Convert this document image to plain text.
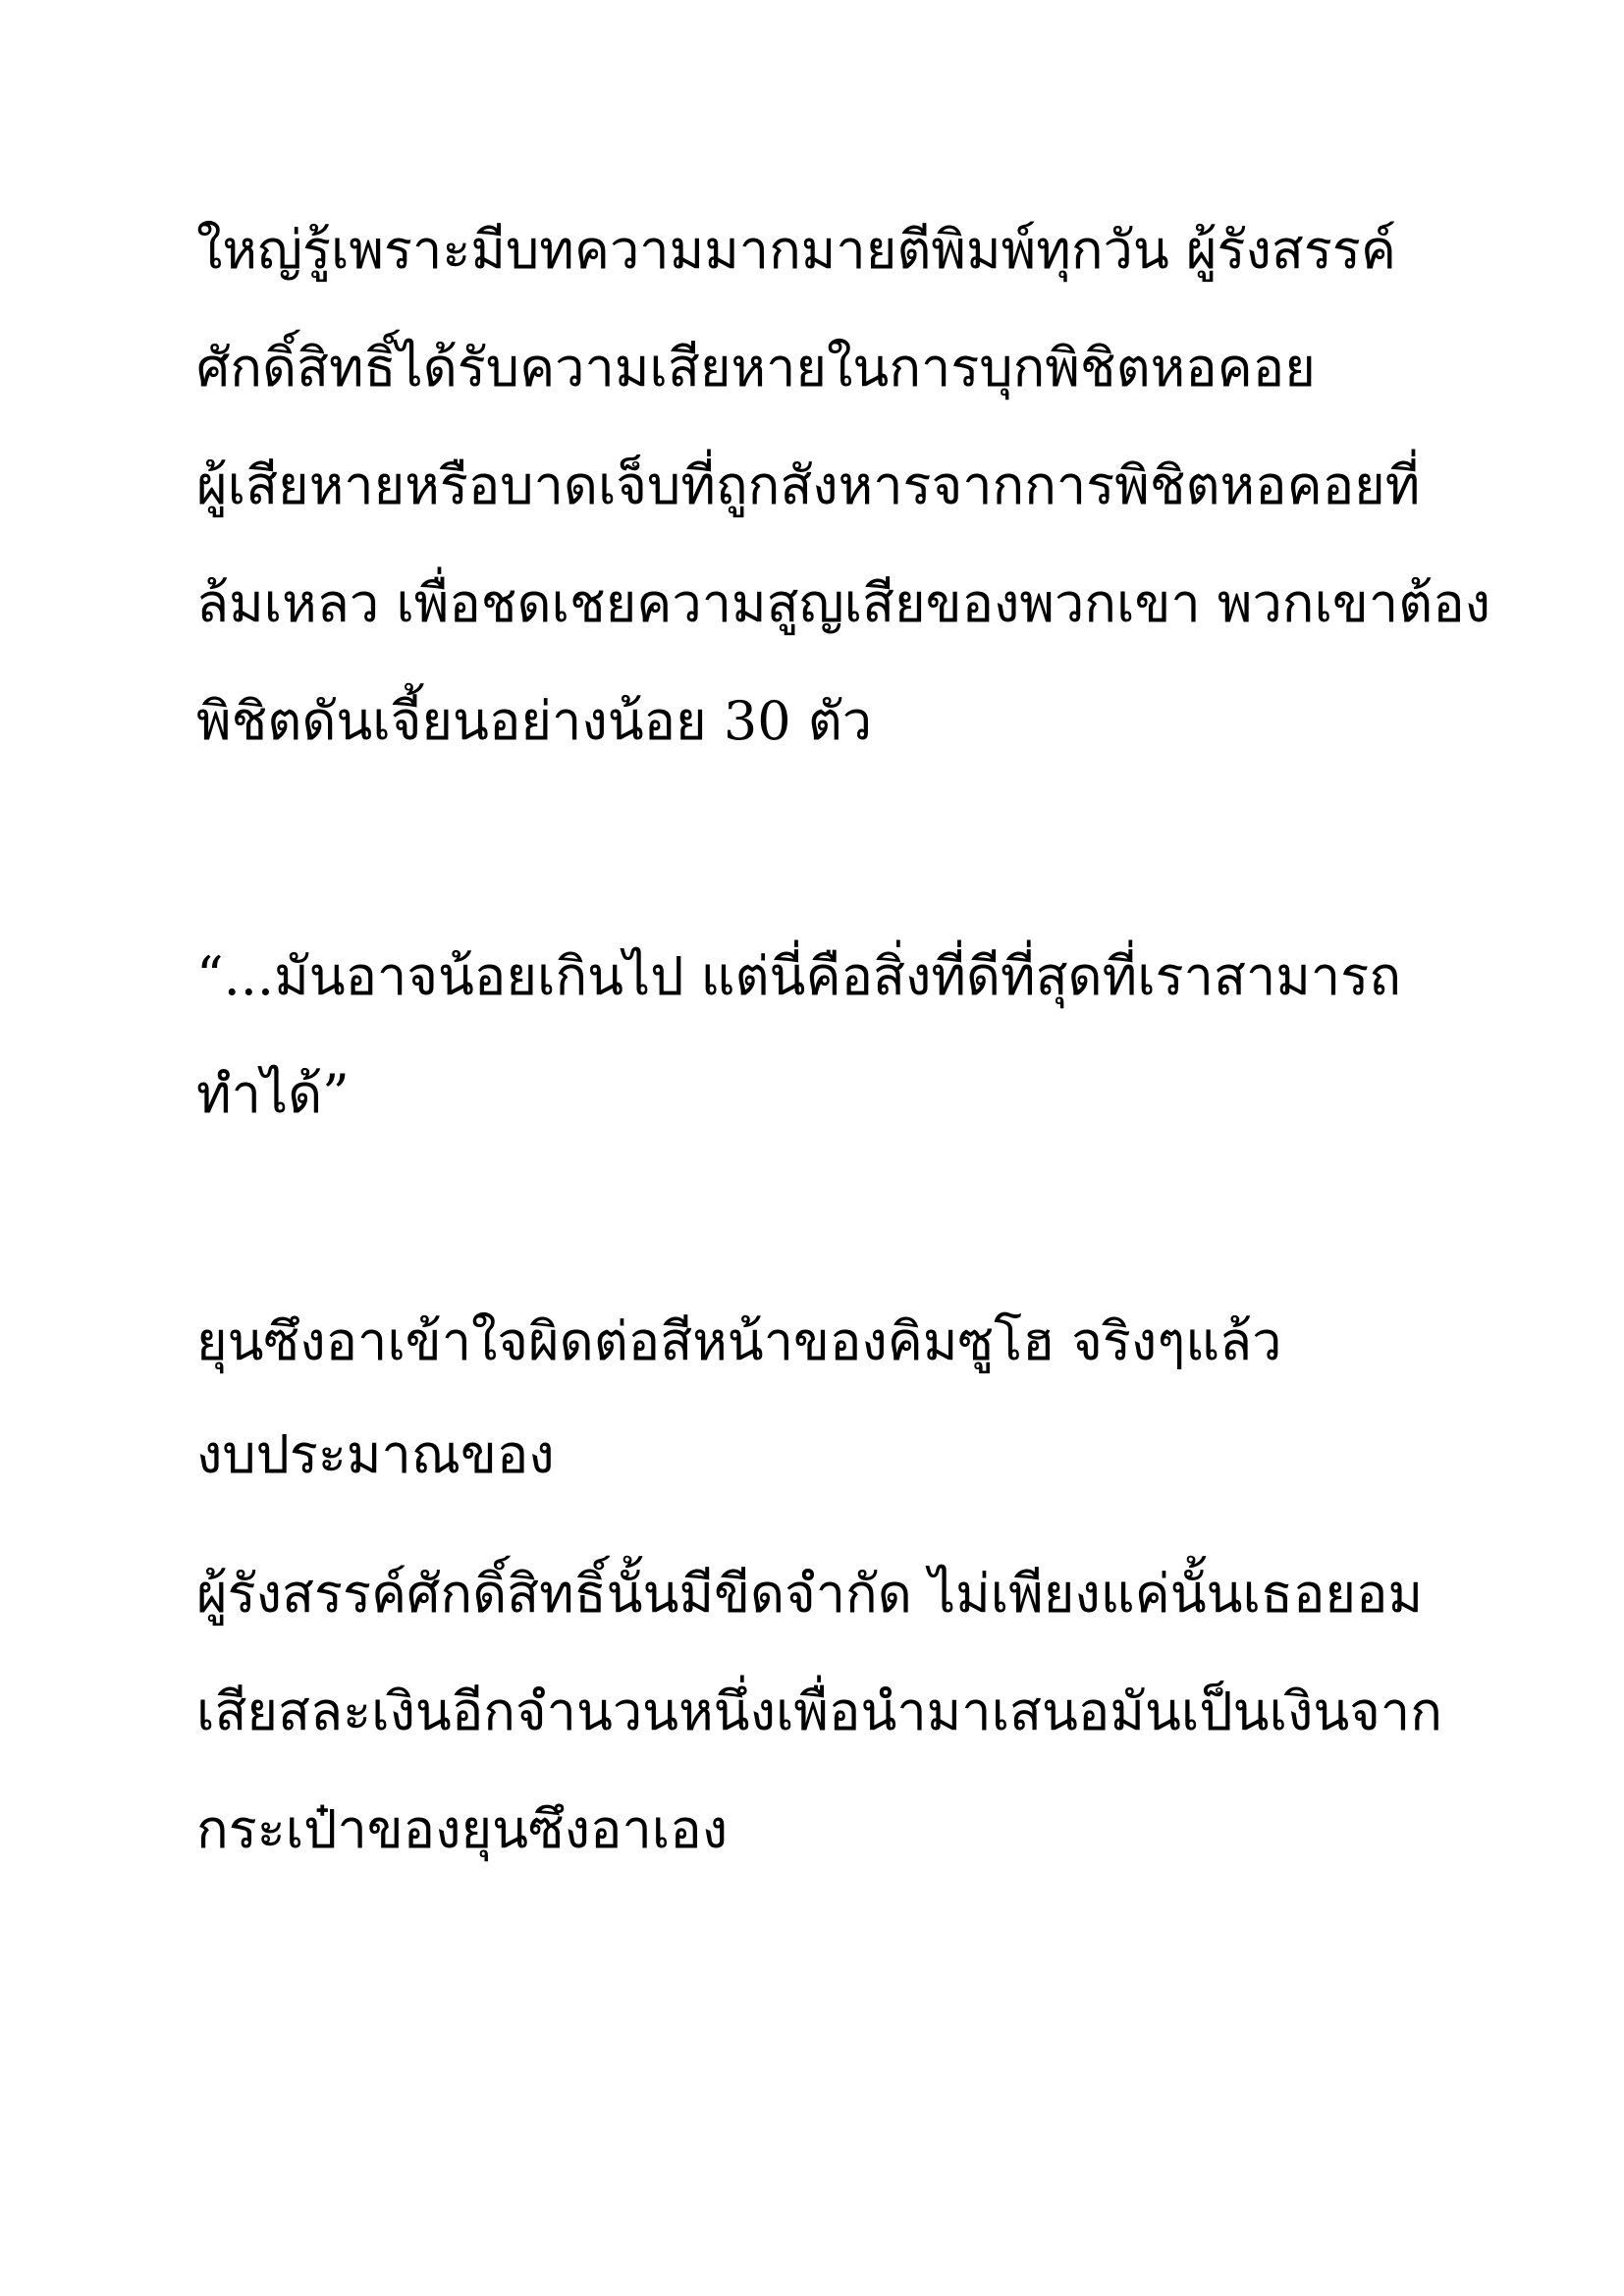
ใหญ่รู้เพราะมีบทความมากมายตีพิมพ์ทุกวัน ผู้รังสรรค์
ศักดิ์สิทธิ์ได้รับความเสียหายในการบุกพิชิตหอคอย
ผู้เสียหายหรือบาดเจ็บที่ถูกสังหารจากการพิชิตหอคอยที่
ล้มเหลว เพื่อชดเชยความสูญเสียของพวกเขา พวกเขาต้อง
พิชิตดันเจี้ยนอย่างน้อย 30 ตัว
“...มันอาจน้อยเกินไป แต่นี่คือสิ่งที่ดีที่สุดที่เราสามารถ
ทำได้”
ยุนซึงอาเข้าใจผิดต่อสีหน้าของคิมซูโฮ จริงๆแล้ว
งบประมาณของ
ผู้รังสรรค์ศักดิ์สิทธิ์นั้นมีขีดจำกัด ไม่เพียงแค่นั้นเธอยอม
เสียสละเงินอีกจำนวนหนึ่งเพื่อนำมาเสนอมันเป็นเงินจาก
กระเป๋าของยุนซึงอาเอง
